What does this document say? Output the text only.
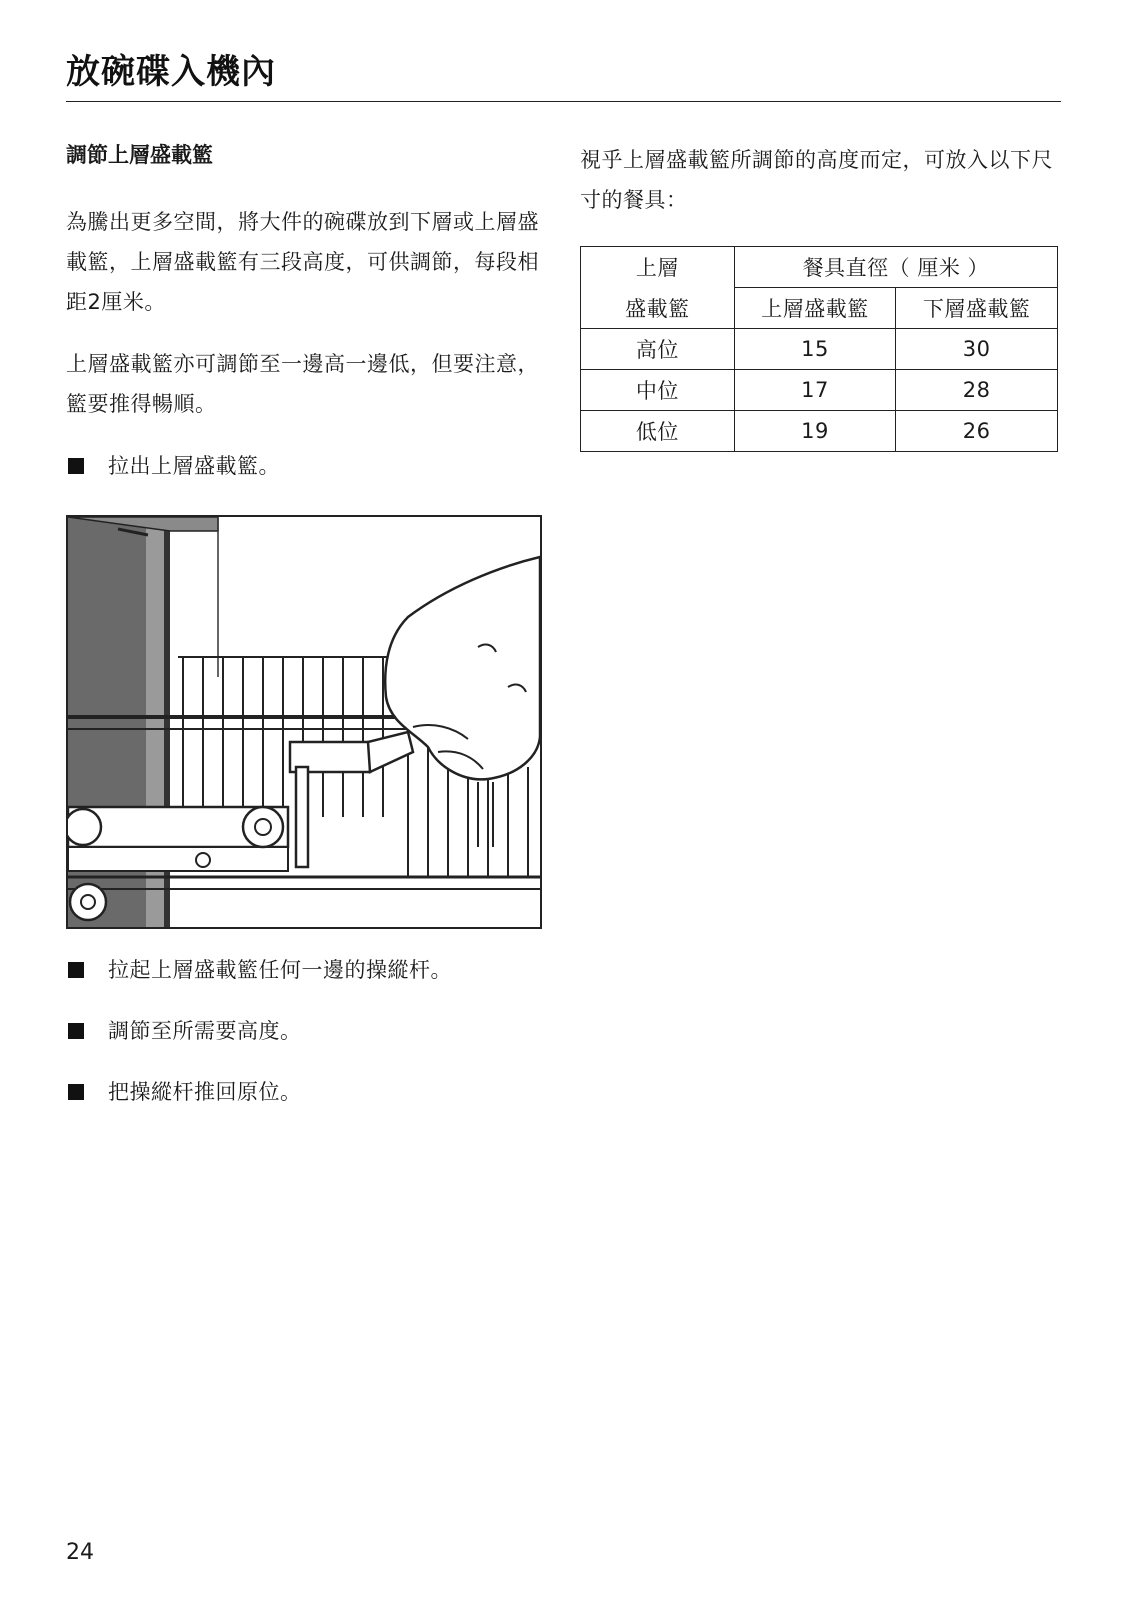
放碗碟入機內
調節上層盛載籃

為騰出更多空間，將大件的碗碟放到下層或上層盛載籃，上層盛載籃有三段高度，可供調節，每段相距2厘米。

上層盛載籃亦可調節至一邊高一邊低，但要注意，籃要推得暢順。

拉出上層盛載籃。
拉起上層盛載籃任何一邊的操縱杆。
調節至所需要高度。
把操縱杆推回原位。

視乎上層盛載籃所調節的高度而定，可放入以下尺寸的餐具：

上層	餐具直徑（ 厘米 ）	
盛載籃	上層盛載籃	下層盛載籃
高位	15	30
中位	17	28
低位	19	26
24
